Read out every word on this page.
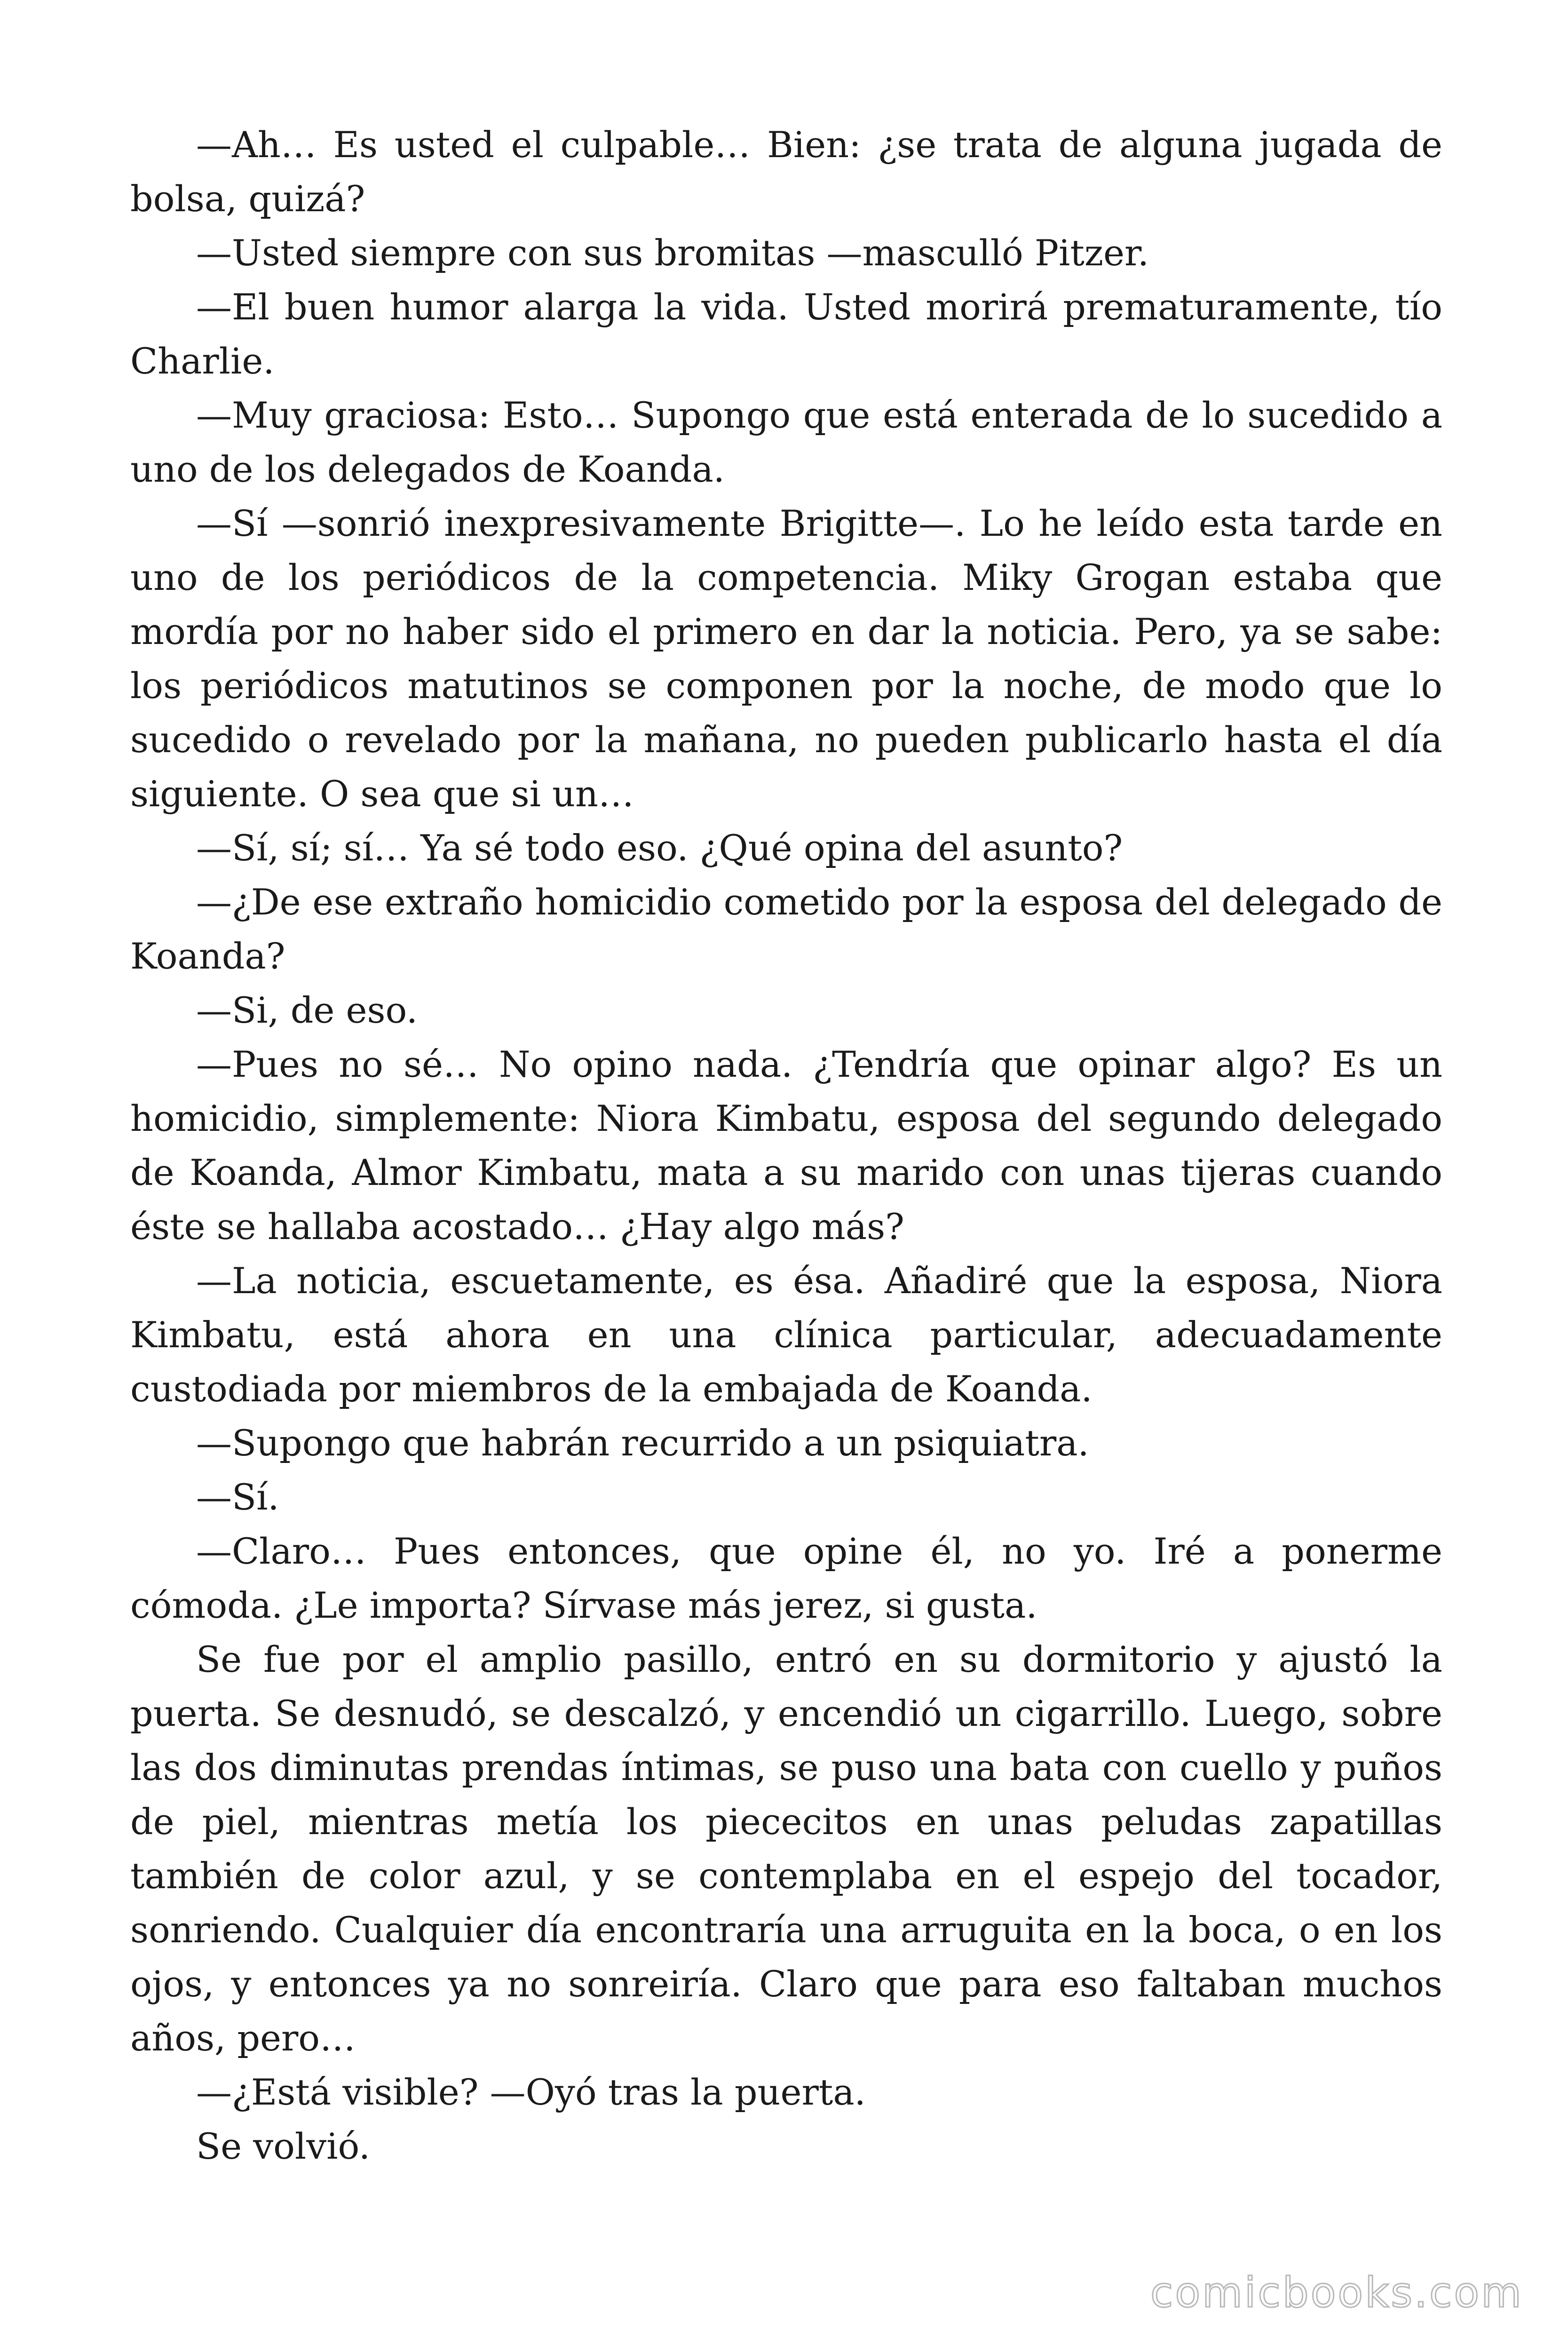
—Ah… Es usted el culpable… Bien: ¿se trata de alguna jugada de bolsa, quizá?

—Usted siempre con sus bromitas —masculló Pitzer.

—El buen humor alarga la vida. Usted morirá prematuramente, tío Charlie.

—Muy graciosa: Esto… Supongo que está enterada de lo sucedido a uno de los delegados de Koanda.

—Sí —sonrió inexpresivamente Brigitte—. Lo he leído esta tarde en uno de los periódicos de la competencia. Miky Grogan estaba que mordía por no haber sido el primero en dar la noticia. Pero, ya se sabe: los periódicos matutinos se componen por la noche, de modo que lo sucedido o revelado por la mañana, no pueden publicarlo hasta el día siguiente. O sea que si un…

—Sí, sí; sí… Ya sé todo eso. ¿Qué opina del asunto?

—¿De ese extraño homicidio cometido por la esposa del delegado de Koanda?

—Si, de eso.

—Pues no sé… No opino nada. ¿Tendría que opinar algo? Es un homicidio, simplemente: Niora Kimbatu, esposa del segundo delegado de Koanda, Almor Kimbatu, mata a su marido con unas tijeras cuando éste se hallaba acostado… ¿Hay algo más?

—La noticia, escuetamente, es ésa. Añadiré que la esposa, Niora Kimbatu, está ahora en una clínica particular, adecuadamente custodiada por miembros de la embajada de Koanda.

—Supongo que habrán recurrido a un psiquiatra.

—Sí.

—Claro… Pues entonces, que opine él, no yo. Iré a ponerme cómoda. ¿Le importa? Sírvase más jerez, si gusta.

Se fue por el amplio pasillo, entró en su dormitorio y ajustó la puerta. Se desnudó, se descalzó, y encendió un cigarrillo. Luego, sobre las dos diminutas prendas íntimas, se puso una bata con cuello y puños de piel, mientras metía los piececitos en unas peludas zapatillas también de color azul, y se contemplaba en el espejo del tocador, sonriendo. Cualquier día encontraría una arruguita en la boca, o en los ojos, y entonces ya no sonreiría. Claro que para eso faltaban muchos años, pero…

—¿Está visible? —Oyó tras la puerta.

Se volvió.

comicbooks.com
